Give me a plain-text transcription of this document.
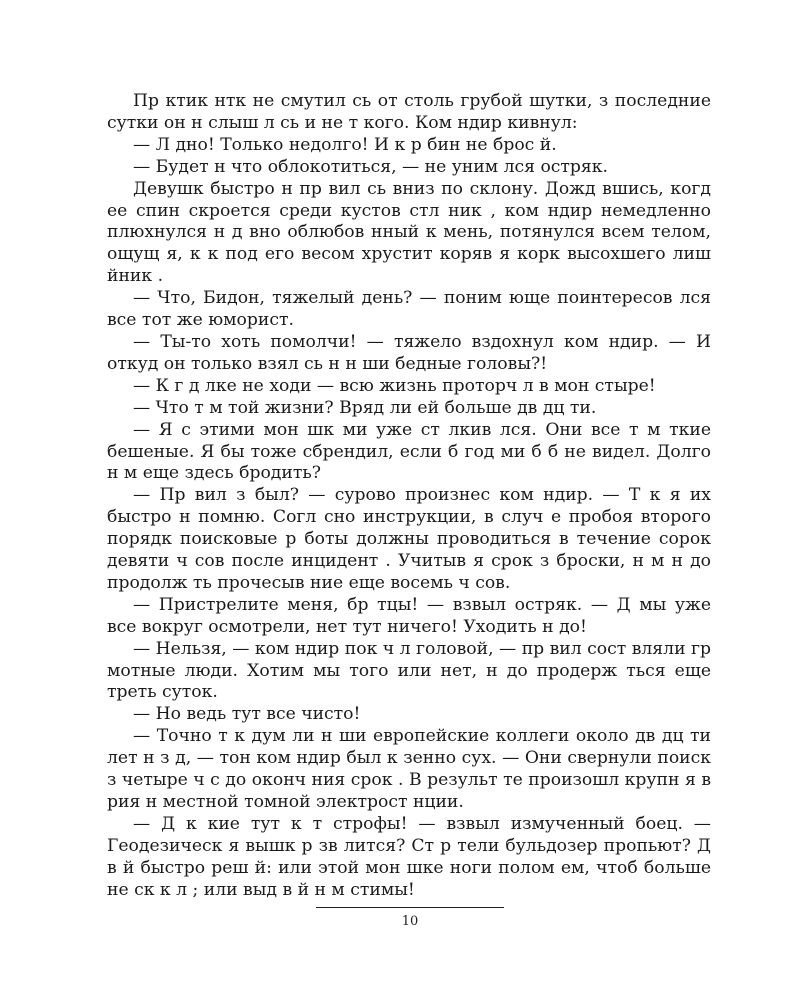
Пр ктик нтк не смутил сь от столь грубой шутки, з последние сутки он н слыш л сь и не т кого. Ком ндир кивнул:

— Л дно! Только недолго! И к р бин не брос й.

— Будет н что облокотиться, — не уним лся остряк.

Девушк быстро н пр вил сь вниз по склону. Дожд вшись, когд ее спин скроется среди кустов стл ник , ком ндир немедленно плюхнулся н д вно облюбов нный к мень, потянулся всем телом, ощущ я, к к под его весом хрустит коряв я корк высохшего лиш йник .

— Что, Бидон, тяжелый день? — поним юще поинтересов лся все тот же юморист.

— Ты-то хоть помолчи! — тяжело вздохнул ком ндир. — И откуд он только взял сь н н ши бедные головы?!

— К г д лке не ходи — всю жизнь проторч л в мон стыре!

— Что т м той жизни? Вряд ли ей больше дв дц ти.

— Я с этими мон шк ми уже ст лкив лся. Они все т м ткие бешеные. Я бы тоже сбрендил, если б год ми б б не видел. Долго н м еще здесь бродить?

— Пр вил з был? — сурово произнес ком ндир. — Т к я их быстро н помню. Согл сно инструкции, в случ е пробоя второго порядк поисковые р боты должны проводиться в течение сорок девяти ч сов после инцидент . Учитыв я срок з броски, н м н до продолж ть прочесыв ние еще восемь ч сов.

— Пристрелите меня, бр тцы! — взвыл остряк. — Д мы уже все вокруг осмотрели, нет тут ничего! Уходить н до!

— Нельзя, — ком ндир пок ч л головой, — пр вил сост вляли гр мотные люди. Хотим мы того или нет, н до продерж ться еще треть суток.

— Но ведь тут все чисто!

— Точно т к дум ли н ши европейские коллеги около дв дц ти лет н з д, — тон ком ндир был к зенно сух. — Они свернули поиск з четыре ч с до оконч ния срок . В результ те произошл крупн я в рия н местной томной электрост нции.

— Д к кие тут к т строфы! — взвыл измученный боец. — Геодезическ я вышк р зв лится? Ст р тели бульдозер пропьют? Д в й быстро реш й: или этой мон шке ноги полом ем, чтоб больше не ск к л ; или выд в й н м стимы!

10
